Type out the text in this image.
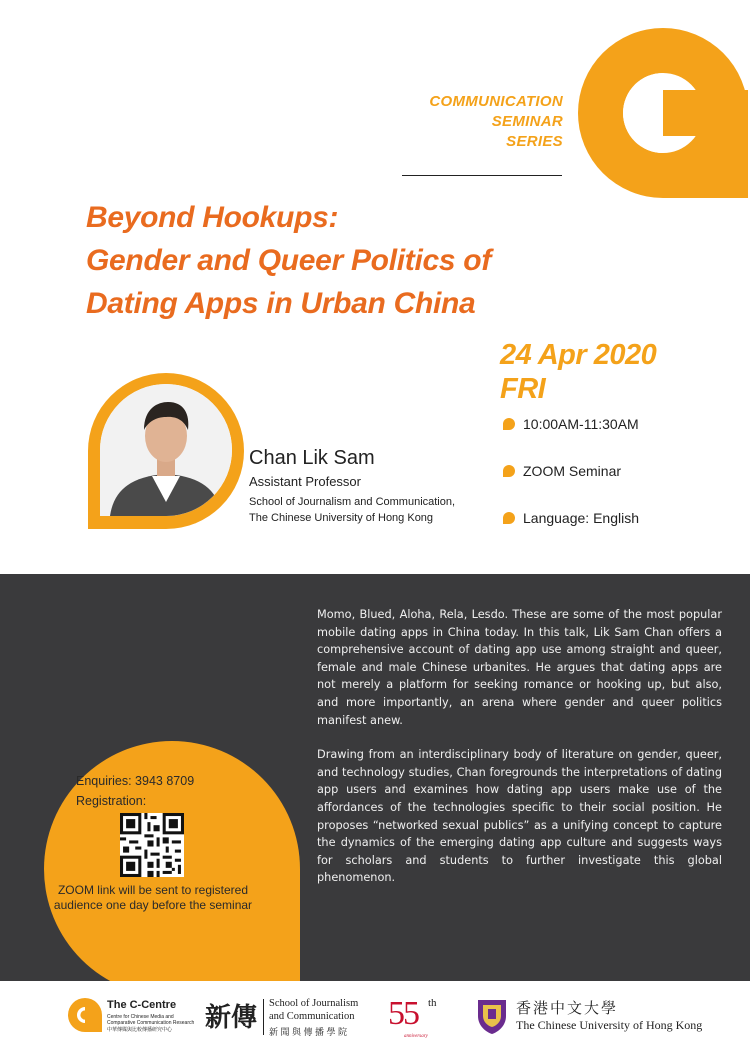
COMMUNICATION
SEMINAR
SERIES
Beyond Hookups:
Gender and Queer Politics of
Dating Apps in Urban China
24 Apr 2020
FRI
10:00AM-11:30AM
ZOOM Seminar
Language: English
Chan Lik Sam
Assistant Professor
School of Journalism and Communication,
The Chinese University of Hong Kong

Momo, Blued, Aloha, Rela, Lesdo. These are some of the most popular mobile dating apps in China today. In this talk, Lik Sam Chan offers a comprehensive account of dating app use among straight and queer, female and male Chinese urbanites. He argues that dating apps are not merely a platform for seeking romance or hooking up, but also, and more importantly, an arena where gender and queer politics manifest anew.

Drawing from an interdisciplinary body of literature on gender, queer, and technology studies, Chan foregrounds the interpretations of dating app users and examines how dating app users make use of the affordances of the technologies specific to their social position. He proposes “networked sexual publics” as a unifying concept to capture the dynamics of the emerging dating app culture and suggests ways for scholars and students to further investigate this global phenomenon.

Enquiries: 3943 8709
Registration:
ZOOM link will be sent to registered audience one day before the seminar
The C-Centre
Centre for Chinese Media and
Comparative Communication Research
中華傳媒與比較傳播研究中心 新傳 School of Journalism
and Communication
新 聞 與 傳 播 學 院 55 th
anniversary
香港中文大學
The Chinese University of Hong Kong
